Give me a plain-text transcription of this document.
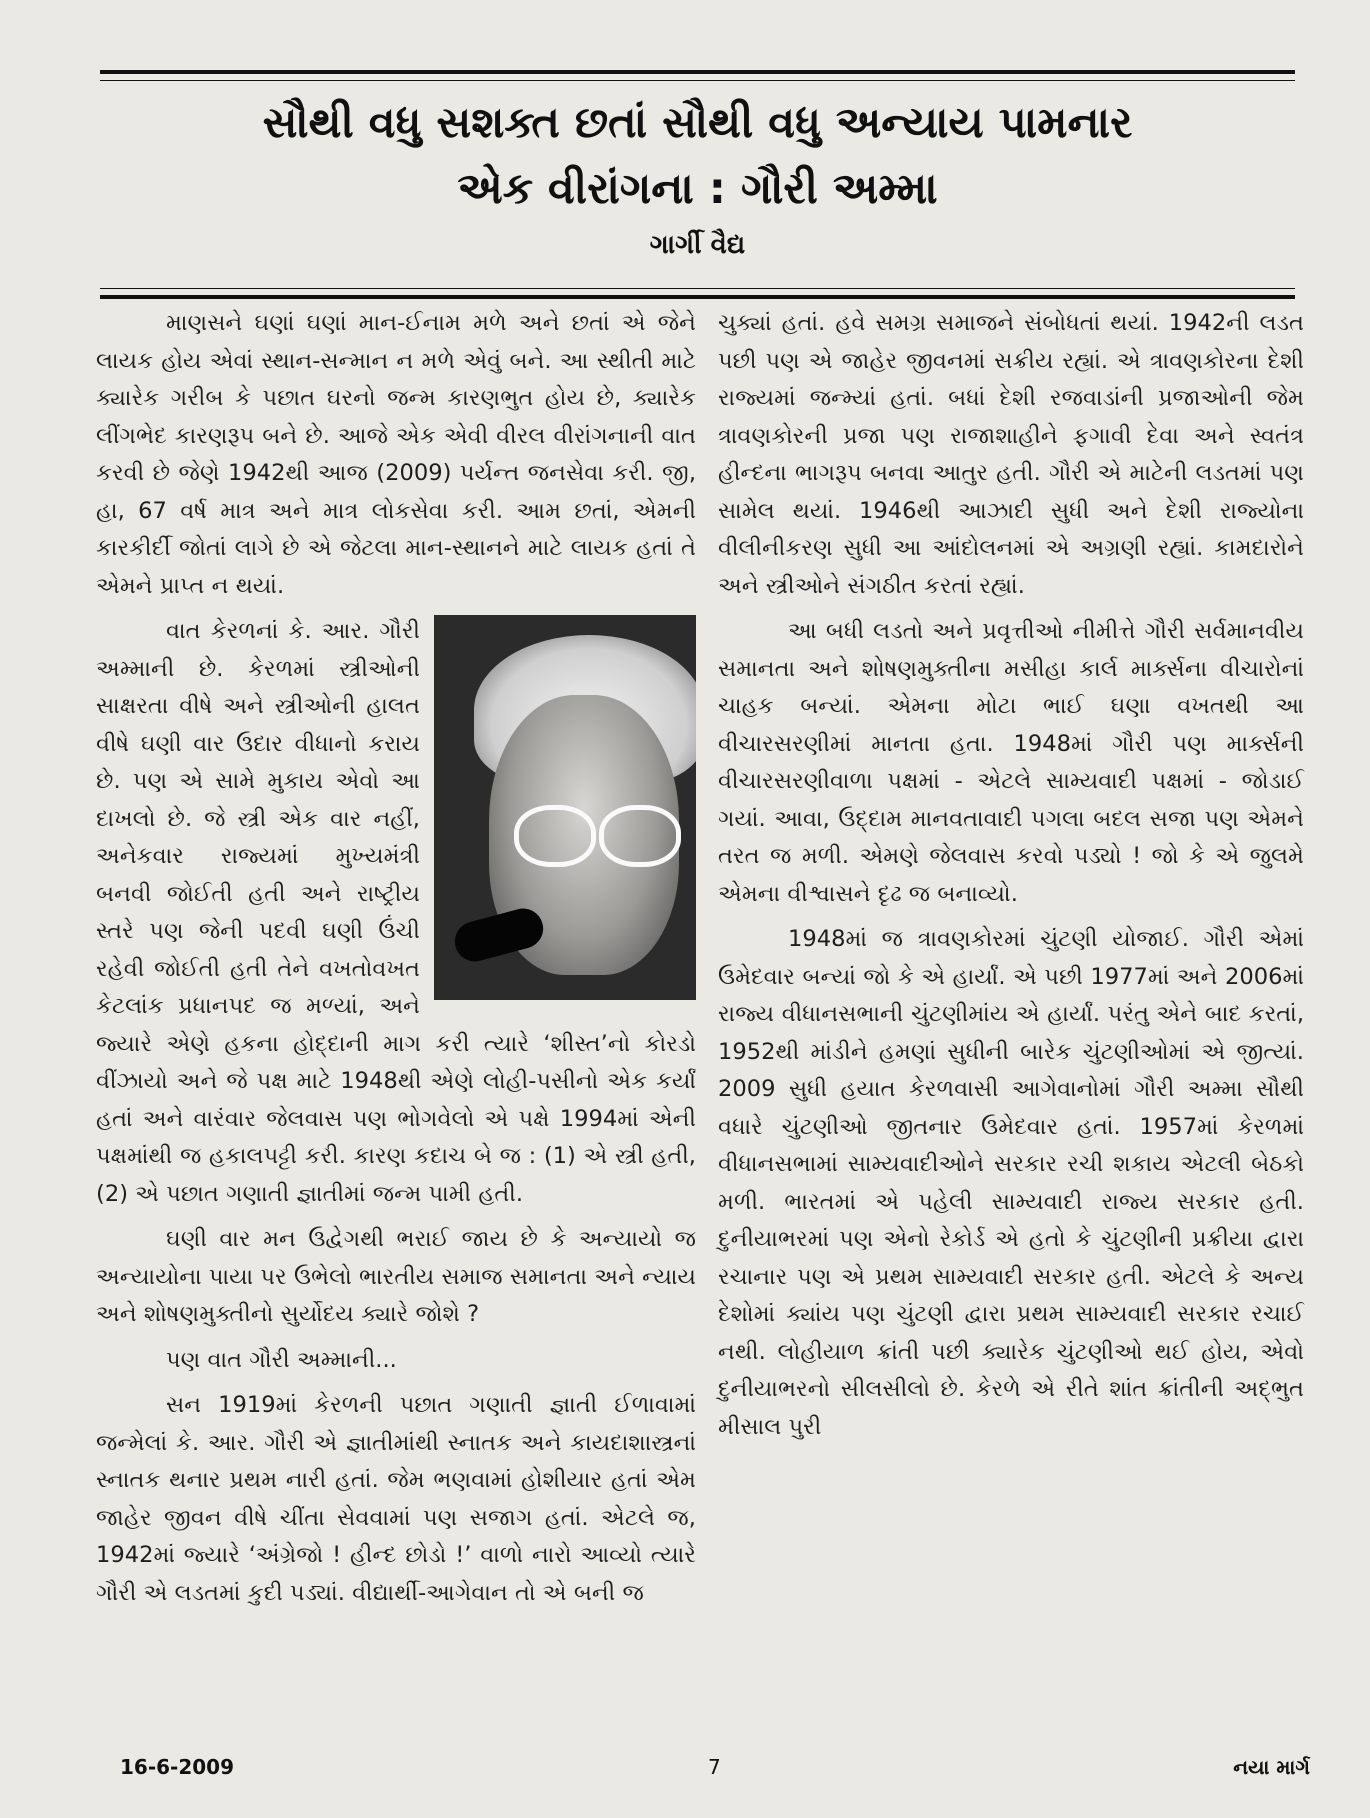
સૌથી વધુ સશક્ત છતાં સૌથી વધુ અન્યાય પામનાર
એક વીરાંગના : ગૌરી અમ્મા
ગાર્ગી વૈદ્ય

માણસને ઘણાં ઘણાં માન-ઈનામ મળે અને છતાં એ જેને લાયક હોય એવાં સ્થાન-સન્માન ન મળે એવું બને. આ સ્થીતી માટે ક્યારેક ગરીબ કે પછાત ઘરનો જન્મ કારણભુત હોય છે, ક્યારેક લીંગભેદ કારણરૂપ બને છે. આજે એક એવી વીરલ વીરાંગનાની વાત કરવી છે જેણે 1942થી આજ (2009) પર્યન્ત જનસેવા કરી. જી, હા, 67 વર્ષ માત્ર અને માત્ર લોકસેવા કરી. આમ છતાં, એમની કારકીર્દી જોતાં લાગે છે એ જેટલા માન-સ્થાનને માટે લાયક હતાં તે એમને પ્રાપ્ત ન થયાં.

વાત કેરળનાં કે. આર. ગૌરી અમ્માની છે. કેરળમાં સ્ત્રીઓની સાક્ષરતા વીષે અને સ્ત્રીઓની હાલત વીષે ઘણી વાર ઉદાર વીધાનો કરાય છે. પણ એ સામે મુકાય એવો આ દાખલો છે. જે સ્ત્રી એક વાર નહીં, અનેકવાર રાજ્યમાં મુખ્યમંત્રી બનવી જોઈતી હતી અને રાષ્ટ્રીય સ્તરે પણ જેની પદવી ઘણી ઉંચી રહેવી જોઈતી હતી તેને વખતોવખત કેટલાંક પ્રધાનપદ જ મળ્યાં, અને જ્યારે એણે હકના હોદ્દાની માગ કરી ત્યારે ‘શીસ્ત’નો કોરડો વીંઝાયો અને જે પક્ષ માટે 1948થી એણે લોહી-પસીનો એક કર્યાં હતાં અને વારંવાર જેલવાસ પણ ભોગવેલો એ પક્ષે 1994માં એની પક્ષમાંથી જ હકાલપટ્ટી કરી. કારણ કદાચ બે જ : (1) એ સ્ત્રી હતી, (2) એ પછાત ગણાતી જ્ઞાતીમાં જન્મ પામી હતી.

ઘણી વાર મન ઉદ્વેગથી ભરાઈ જાય છે કે અન્યાયો જ અન્યાયોના પાયા પર ઉભેલો ભારતીય સમાજ સમાનતા અને ન્યાય અને શોષણમુક્તીનો સુર્યોદય ક્યારે જોશે ?

પણ વાત ગૌરી અમ્માની...

સન 1919માં કેરળની પછાત ગણાતી જ્ઞાતી ઈળાવામાં જન્મેલાં કે. આર. ગૌરી એ જ્ઞાતીમાંથી સ્નાતક અને કાયદાશાસ્ત્રનાં સ્નાતક થનાર પ્રથમ નારી હતાં. જેમ ભણવામાં હોશીયાર હતાં એમ જાહેર જીવન વીષે ચીંતા સેવવામાં પણ સજાગ હતાં. એટલે જ, 1942માં જ્યારે ‘અંગ્રેજો ! હીન્દ છોડો !’ વાળો નારો આવ્યો ત્યારે ગૌરી એ લડતમાં કુદી પડ્યાં. વીદ્યાર્થી-આગેવાન તો એ બની જ

ચુક્યાં હતાં. હવે સમગ્ર સમાજને સંબોધતાં થયાં. 1942ની લડત પછી પણ એ જાહેર જીવનમાં સક્રીય રહ્યાં. એ ત્રાવણકોરના દેશી રાજ્યમાં જન્મ્યાં હતાં. બધાં દેશી રજવાડાંની પ્રજાઓની જેમ ત્રાવણકોરની પ્રજા પણ રાજાશાહીને ફગાવી દેવા અને સ્વતંત્ર હીન્દના ભાગરૂપ બનવા આતુર હતી. ગૌરી એ માટેની લડતમાં પણ સામેલ થયાં. 1946થી આઝાદી સુધી અને દેશી રાજ્યોના વીલીનીકરણ સુધી આ આંદોલનમાં એ અગ્રણી રહ્યાં. કામદારોને અને સ્ત્રીઓને સંગઠીત કરતાં રહ્યાં.

આ બધી લડતો અને પ્રવૃત્તીઓ નીમીત્તે ગૌરી સર્વમાનવીય સમાનતા અને શોષણમુક્તીના મસીહા કાર્લ માર્ક્સના વીચારોનાં ચાહક બન્યાં. એમના મોટા ભાઈ ઘણા વખતથી આ વીચારસરણીમાં માનતા હતા. 1948માં ગૌરી પણ માર્ક્સની વીચારસરણીવાળા પક્ષમાં - એટલે સામ્યવાદી પક્ષમાં - જોડાઈ ગયાં. આવા, ઉદ્દામ માનવતાવાદી પગલા બદલ સજા પણ એમને તરત જ મળી. એમણે જેલવાસ કરવો પડ્યો ! જો કે એ જુલમે એમના વીશ્વાસને દૃઢ જ બનાવ્યો.

1948માં જ ત્રાવણકોરમાં ચુંટણી યોજાઈ. ગૌરી એમાં ઉમેદવાર બન્યાં જો કે એ હાર્યાં. એ પછી 1977માં અને 2006માં રાજ્ય વીધાનસભાની ચુંટણીમાંય એ હાર્યાં. પરંતુ એને બાદ કરતાં, 1952થી માંડીને હમણાં સુધીની બારેક ચુંટણીઓમાં એ જીત્યાં. 2009 સુધી હયાત કેરળવાસી આગેવાનોમાં ગૌરી અમ્મા સૌથી વધારે ચુંટણીઓ જીતનાર ઉમેદવાર હતાં. 1957માં કેરળમાં વીધાનસભામાં સામ્યવાદીઓને સરકાર રચી શકાય એટલી બેઠકો મળી. ભારતમાં એ પહેલી સામ્યવાદી રાજ્ય સરકાર હતી. દુનીયાભરમાં પણ એનો રેકોર્ડ એ હતો કે ચુંટણીની પ્રક્રીયા દ્વારા રચાનાર પણ એ પ્રથમ સામ્યવાદી સરકાર હતી. એટલે કે અન્ય દેશોમાં ક્યાંય પણ ચુંટણી દ્વારા પ્રથમ સામ્યવાદી સરકાર રચાઈ નથી. લોહીયાળ ક્રાંતી પછી ક્યારેક ચુંટણીઓ થઈ હોય, એવો દુનીયાભરનો સીલસીલો છે. કેરળે એ રીતે શાંત ક્રાંતીની અદ્ભુત મીસાલ પુરી

16-6-2009	7	નયા માર્ગ
